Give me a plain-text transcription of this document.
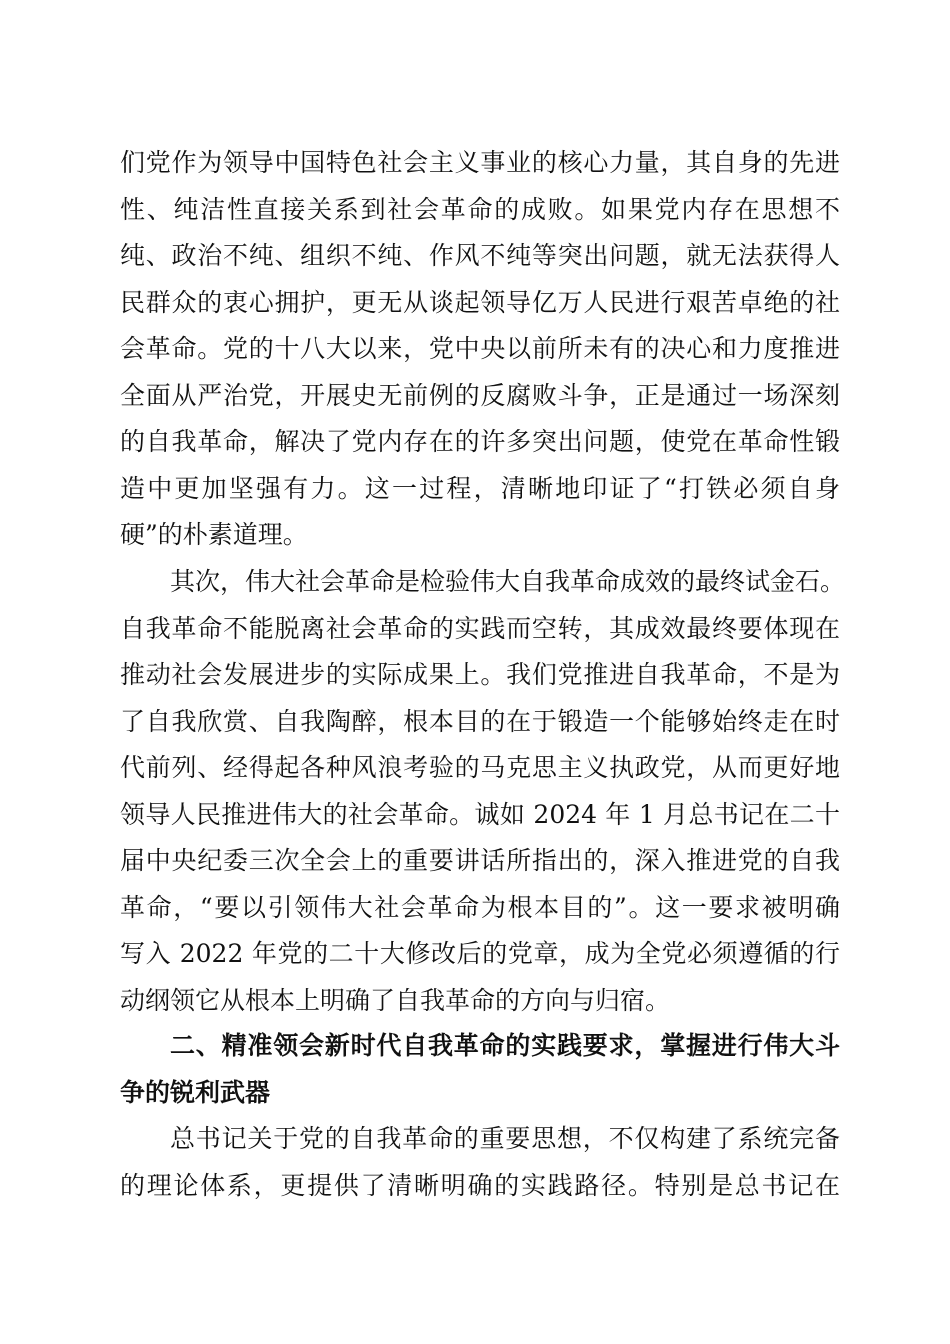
们党作为领导中国特色社会主义事业的核心力量，其自身的先进
性、纯洁性直接关系到社会革命的成败。如果党内存在思想不
纯、政治不纯、组织不纯、作风不纯等突出问题，就无法获得人
民群众的衷心拥护，更无从谈起领导亿万人民进行艰苦卓绝的社
会革命。党的十八大以来，党中央以前所未有的决心和力度推进
全面从严治党，开展史无前例的反腐败斗争，正是通过一场深刻
的自我革命，解决了党内存在的许多突出问题，使党在革命性锻
造中更加坚强有力。这一过程，清晰地印证了“打铁必须自身
硬”的朴素道理。
其次，伟大社会革命是检验伟大自我革命成效的最终试金石。
自我革命不能脱离社会革命的实践而空转，其成效最终要体现在
推动社会发展进步的实际成果上。我们党推进自我革命，不是为
了自我欣赏、自我陶醉，根本目的在于锻造一个能够始终走在时
代前列、经得起各种风浪考验的马克思主义执政党，从而更好地
领导人民推进伟大的社会革命。诚如 2024 年 1 月总书记在二十
届中央纪委三次全会上的重要讲话所指出的，深入推进党的自我
革命，“要以引领伟大社会革命为根本目的”。这一要求被明确
写入 2022 年党的二十大修改后的党章，成为全党必须遵循的行
动纲领它从根本上明确了自我革命的方向与归宿。
二、精准领会新时代自我革命的实践要求，掌握进行伟大斗
争的锐利武器
总书记关于党的自我革命的重要思想，不仅构建了系统完备
的理论体系，更提供了清晰明确的实践路径。特别是总书记在
